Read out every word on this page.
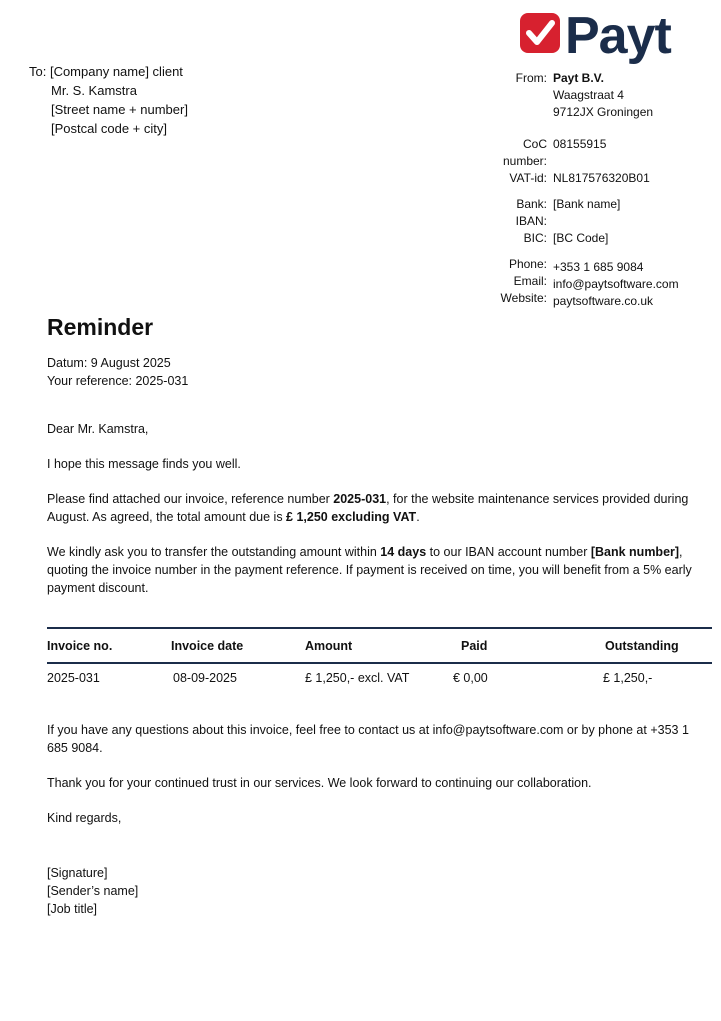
Payt
To: [Company name] client
Mr. S. Kamstra
[Street name + number]
[Postcal code + city]
From: Payt B.V.
Waagstraat 4
9712JX Groningen
CoC number:
08155915
VAT-id: NL817576320B01
Bank: [Bank name]
IBAN:
BIC: [BC Code]
Phone: +353 1 685 9084
Email: info@paytsoftware.com
Website: paytsoftware.co.uk
Reminder
Datum: 9 August 2025
Your reference: 2025-031

Dear Mr. Kamstra,

I hope this message finds you well.

Please find attached our invoice, reference number 2025-031, for the website maintenance services provided during August. As agreed, the total amount due is £ 1,250 excluding VAT.

We kindly ask you to transfer the outstanding amount within 14 days to our IBAN account number [Bank number], quoting the invoice number in the payment reference. If payment is received on time, you will benefit from a 5% early payment discount.

Invoice no.	Invoice date	Amount	Paid	Outstanding
2025-031	08-09-2025	£ 1,250,- excl. VAT	€ 0,00	£ 1,250,-

If you have any questions about this invoice, feel free to contact us at info@paytsoftware.com or by phone at +353 1 685 9084.

Thank you for your continued trust in our services. We look forward to continuing our collaboration.

Kind regards,

[Signature]
[Sender’s name]
[Job title]
